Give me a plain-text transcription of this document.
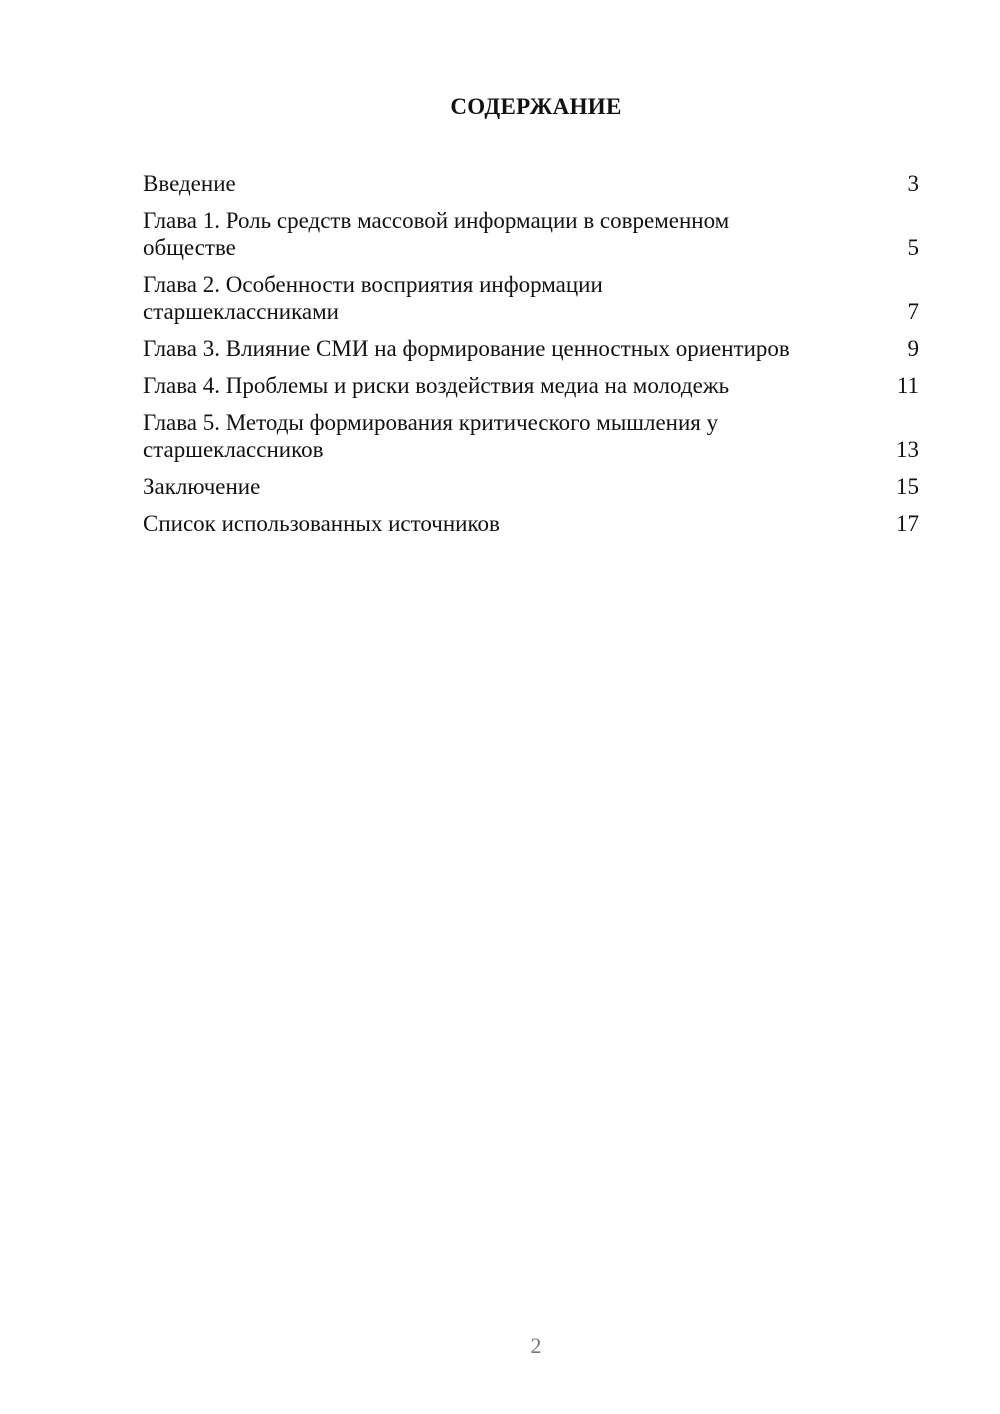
СОДЕРЖАНИЕ
Введение	3
Глава 1. Роль средств массовой информации в современном обществе	5
Глава 2. Особенности восприятия информации старшеклассниками	7
Глава 3. Влияние СМИ на формирование ценностных ориентиров	9
Глава 4. Проблемы и риски воздействия медиа на молодежь	11
Глава 5. Методы формирования критического мышления у старшеклассников	13
Заключение	15
Список использованных источников	17
2
